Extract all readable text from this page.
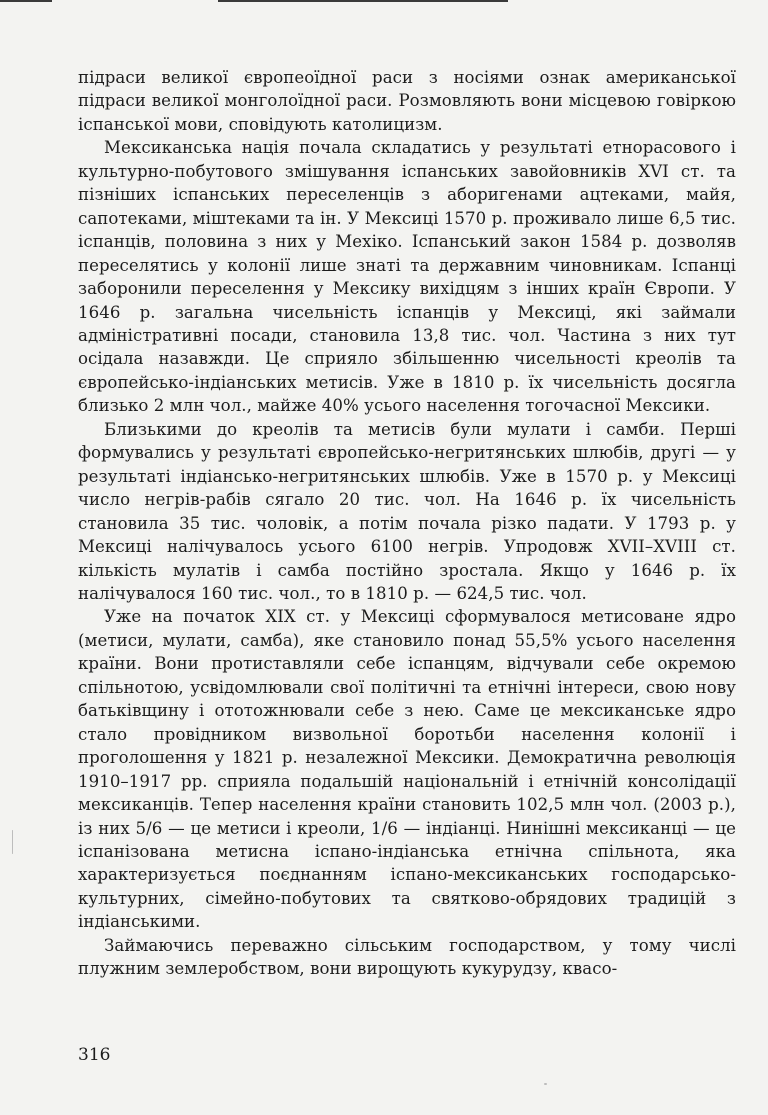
підраси великої європеоїдної раси з носіями ознак американської підраси великої монголоїдної раси. Розмовляють вони місцевою говіркою іспанської мови, сповідують католицизм.

Мексиканська нація почала складатись у результаті етнорасового і культурно-побутового змішування іспанських завойовників XVI ст. та пізніших іспанських переселенців з аборигенами ацтеками, майя, сапотеками, міштеками та ін. У Мексиці 1570 р. проживало лише 6,5 тис. іспанців, половина з них у Мехіко. Іспанський закон 1584 р. дозволяв переселятись у колонії лише знаті та державним чиновникам. Іспанці заборонили переселення у Мексику вихідцям з інших країн Європи. У 1646 р. загальна чисельність іспанців у Мексиці, які займали адміністративні посади, становила 13,8 тис. чол. Частина з них тут осідала назавжди. Це сприяло збільшенню чисельності креолів та європейсько-індіанських метисів. Уже в 1810 р. їх чисельність досягла близько 2 млн чол., майже 40% усього населення тогочасної Мексики.

Близькими до креолів та метисів були мулати і самби. Перші формувались у результаті європейсько-негритянських шлюбів, другі — у результаті індіансько-негритянських шлюбів. Уже в 1570 р. у Мексиці число негрів-рабів сягало 20 тис. чол. На 1646 р. їх чисельність становила 35 тис. чоловік, а потім почала різко падати. У 1793 р. у Мексиці налічувалось усього 6100 негрів. Упродовж XVII–XVIII ст. кількість мулатів і самба постійно зростала. Якщо у 1646 р. їх налічувалося 160 тис. чол., то в 1810 р. — 624,5 тис. чол.

Уже на початок XIX ст. у Мексиці сформувалося метисоване ядро (метиси, мулати, самба), яке становило понад 55,5% усього населення країни. Вони протиставляли себе іспанцям, відчували себе окремою спільнотою, усвідомлювали свої політичні та етнічні інтереси, свою нову батьківщину і ототожнювали себе з нею. Саме це мексиканське ядро стало провідником визвольної боротьби населення колонії і проголошення у 1821 р. незалежної Мексики. Демократична революція 1910–1917 рр. сприяла подальшій національній і етнічній консолідації мексиканців. Тепер населення країни становить 102,5 млн чол. (2003 р.), із них 5/6 — це метиси і креоли, 1/6 — індіанці. Нинішні мексиканці — це іспанізована метисна іспано-індіанська етнічна спільнота, яка характеризується поєднанням іспано-мексиканських господарсько-культурних, сімейно-побутових та святково-обрядових традицій з індіанськими.

Займаючись переважно сільським господарством, у тому числі плужним землеробством, вони вирощують кукурудзу, квасо-

316
